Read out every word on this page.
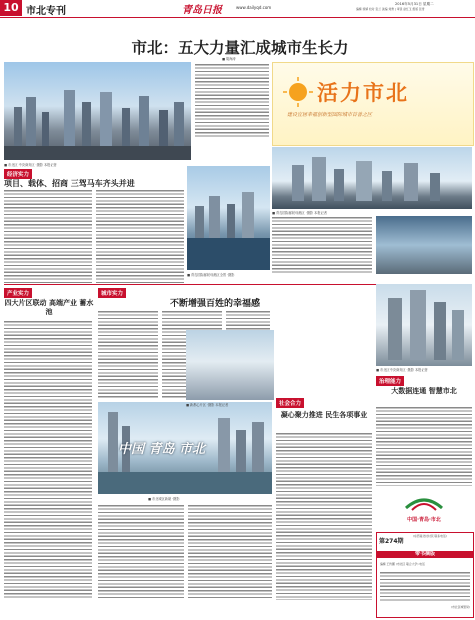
10 市北专刊	青岛日报	www.dailyqd.com
2016年5月31日 星期二
编辑 徐婧 校对 张兰 美编 刘勇 | 审读 赵红玉 组版 张雪
市北：五大力量汇成城市生长力
■ 胡海涛
■ 市北区 中央商务区 ·摄影 本报记者
活力市北
建设宜居幸福创新型国际城市首善之区
■ 青岛国际邮轮母港区 ·摄影 本报记者
经济实力
项目、载体、招商 三驾马车齐头并进
■ 青岛国际邮轮母港区全景 ·摄影
产业实力
四大片区联动 高端产业 蓄水池
城市实力
不断增强百姓的幸福感
■ 市北区中央商务区 ·摄影 本报记者
中国 青岛 市北
■ 市北城区新貌 ·摄影
■ 新都心片区 ·摄影 本报记者	社会合力
凝心聚力推进 民生各项事业
治理能力
大数据连通 智慧市北
中国·青岛·市北
第274期
(东西南北村村民 联系电话)
带书摘版
编辑 王传鹏 (市北区 联合大学) 电话
(市北区城管局)
